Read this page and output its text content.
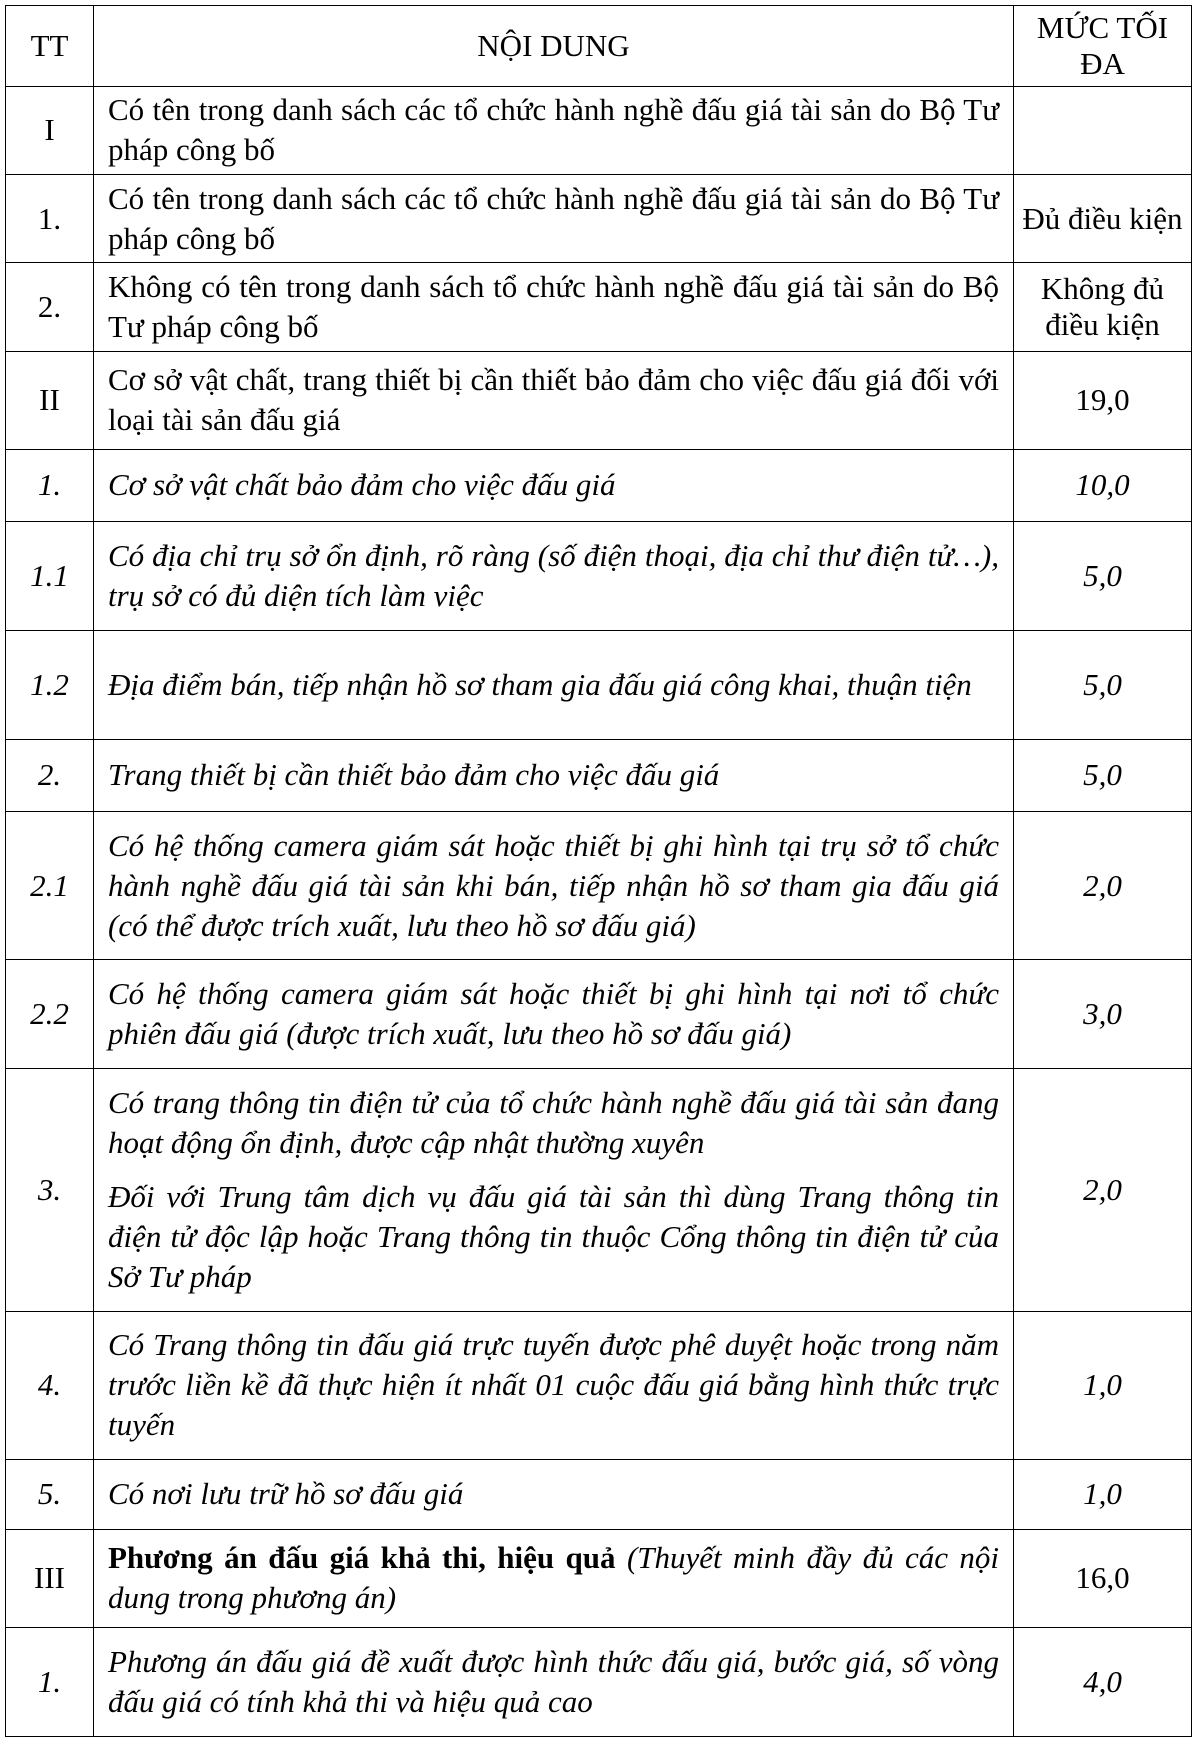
TT	NỘI DUNG	MỨC TỐI ĐA
I	Có tên trong danh sách các tổ chức hành nghề đấu giá tài sản do Bộ Tư pháp công bố	
1.	Có tên trong danh sách các tổ chức hành nghề đấu giá tài sản do Bộ Tư pháp công bố	Đủ điều kiện
2.	Không có tên trong danh sách tổ chức hành nghề đấu giá tài sản do Bộ Tư pháp công bố	Không đủ điều kiện
II	Cơ sở vật chất, trang thiết bị cần thiết bảo đảm cho việc đấu giá đối với loại tài sản đấu giá	19,0
1.	Cơ sở vật chất bảo đảm cho việc đấu giá	10,0
1.1	Có địa chỉ trụ sở ổn định, rõ ràng (số điện thoại, địa chỉ thư điện tử…), trụ sở có đủ diện tích làm việc	5,0
1.2	Địa điểm bán, tiếp nhận hồ sơ tham gia đấu giá công khai, thuận tiện	5,0
2.	Trang thiết bị cần thiết bảo đảm cho việc đấu giá	5,0
2.1	Có hệ thống camera giám sát hoặc thiết bị ghi hình tại trụ sở tổ chức hành nghề đấu giá tài sản khi bán, tiếp nhận hồ sơ tham gia đấu giá (có thể được trích xuất, lưu theo hồ sơ đấu giá)	2,0
2.2	Có hệ thống camera giám sát hoặc thiết bị ghi hình tại nơi tổ chức phiên đấu giá (được trích xuất, lưu theo hồ sơ đấu giá)	3,0
3.	Có trang thông tin điện tử của tổ chức hành nghề đấu giá tài sản đang hoạt động ổn định, được cập nhật thường xuyên

Đối với Trung tâm dịch vụ đấu giá tài sản thì dùng Trang thông tin điện tử độc lập hoặc Trang thông tin thuộc Cổng thông tin điện tử của Sở Tư pháp	2,0
4.	Có Trang thông tin đấu giá trực tuyến được phê duyệt hoặc trong năm trước liền kề đã thực hiện ít nhất 01 cuộc đấu giá bằng hình thức trực tuyến	1,0
5.	Có nơi lưu trữ hồ sơ đấu giá	1,0
III	Phương án đấu giá khả thi, hiệu quả (Thuyết minh đầy đủ các nội dung trong phương án)	16,0
1.	Phương án đấu giá đề xuất được hình thức đấu giá, bước giá, số vòng đấu giá có tính khả thi và hiệu quả cao	4,0
